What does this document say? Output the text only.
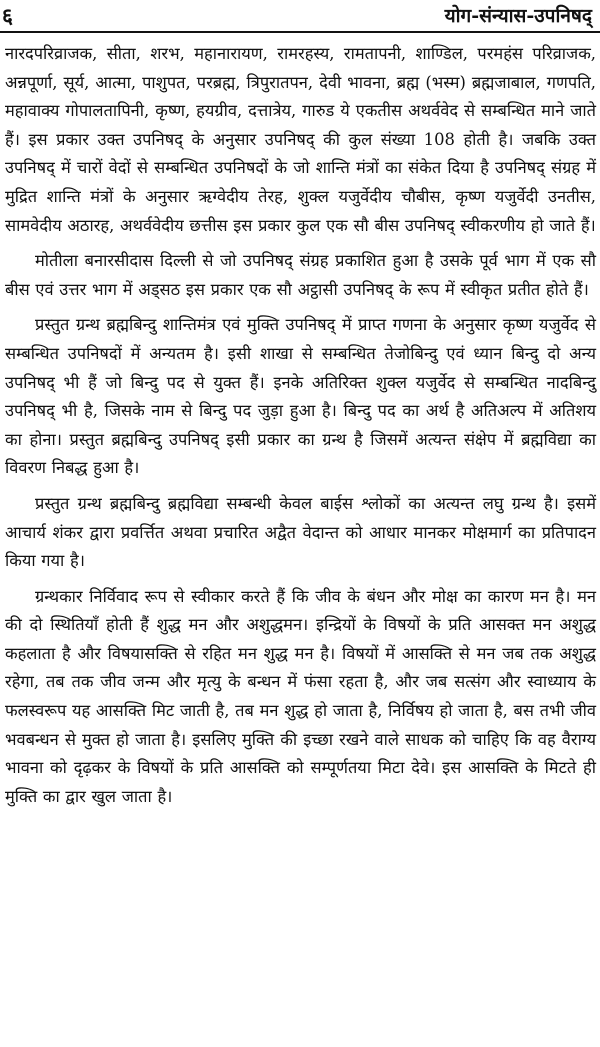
६	योग-संन्यास-उपनिषद्

नारदपरिव्राजक, सीता, शरभ, महानारायण, रामरहस्य, रामतापनी, शाण्डिल, परमहंस परिव्राजक, अन्नपूर्णा, सूर्य, आत्मा, पाशुपत, परब्रह्म, त्रिपुरातपन, देवी भावना, ब्रह्म (भस्म) ब्रह्मजाबाल, गणपति, महावाक्य गोपालतापिनी, कृष्ण, हयग्रीव, दत्तात्रेय, गारुड ये एकतीस अथर्ववेद से सम्बन्धित माने जाते हैं। इस प्रकार उक्त उपनिषद् के अनुसार उपनिषद् की कुल संख्या 108 होती है। जबकि उक्त उपनिषद् में चारों वेदों से सम्बन्धित उपनिषदों के जो शान्ति मंत्रों का संकेत दिया है उपनिषद् संग्रह में मुद्रित शान्ति मंत्रों के अनुसार ऋग्वेदीय तेरह, शुक्ल यजुर्वेदीय चौबीस, कृष्ण यजुर्वेदी उनतीस, सामवेदीय अठारह, अथर्ववेदीय छत्तीस इस प्रकार कुल एक सौ बीस उपनिषद् स्वीकरणीय हो जाते हैं।

मोतीला बनारसीदास दिल्ली से जो उपनिषद् संग्रह प्रकाशित हुआ है उसके पूर्व भाग में एक सौ बीस एवं उत्तर भाग में अड्सठ इस प्रकार एक सौ अट्ठासी उपनिषद् के रूप में स्वीकृत प्रतीत होते हैं।

प्रस्तुत ग्रन्थ ब्रह्मबिन्दु शान्तिमंत्र एवं मुक्ति उपनिषद् में प्राप्त गणना के अनुसार कृष्ण यजुर्वेद से सम्बन्धित उपनिषदों में अन्यतम है। इसी शाखा से सम्बन्धित तेजोबिन्दु एवं ध्यान बिन्दु दो अन्य उपनिषद् भी हैं जो बिन्दु पद से युक्त हैं। इनके अतिरिक्त शुक्ल यजुर्वेद से सम्बन्धित नादबिन्दु उपनिषद् भी है, जिसके नाम से बिन्दु पद जुड़ा हुआ है। बिन्दु पद का अर्थ है अतिअल्प में अतिशय का होना। प्रस्तुत ब्रह्मबिन्दु उपनिषद् इसी प्रकार का ग्रन्थ है जिसमें अत्यन्त संक्षेप में ब्रह्मविद्या का विवरण निबद्ध हुआ है।

प्रस्तुत ग्रन्थ ब्रह्मबिन्दु ब्रह्मविद्या सम्बन्धी केवल बाईस श्लोकों का अत्यन्त लघु ग्रन्थ है। इसमें आचार्य शंकर द्वारा प्रवर्त्तित अथवा प्रचारित अद्वैत वेदान्त को आधार मानकर मोक्षमार्ग का प्रतिपादन किया गया है।

ग्रन्थकार निर्विवाद रूप से स्वीकार करते हैं कि जीव के बंधन और मोक्ष का कारण मन है। मन की दो स्थितियाँ होती हैं शुद्ध मन और अशुद्धमन। इन्द्रियों के विषयों के प्रति आसक्त मन अशुद्ध कहलाता है और विषयासक्ति से रहित मन शुद्ध मन है। विषयों में आसक्ति से मन जब तक अशुद्ध रहेगा, तब तक जीव जन्म और मृत्यु के बन्धन में फंसा रहता है, और जब सत्संग और स्वाध्याय के फलस्वरूप यह आसक्ति मिट जाती है, तब मन शुद्ध हो जाता है, निर्विषय हो जाता है, बस तभी जीव भवबन्धन से मुक्त हो जाता है। इसलिए मुक्ति की इच्छा रखने वाले साधक को चाहिए कि वह वैराग्य भावना को दृढ़कर के विषयों के प्रति आसक्ति को सम्पूर्णतया मिटा देवे। इस आसक्ति के मिटते ही मुक्ति का द्वार खुल जाता है।
